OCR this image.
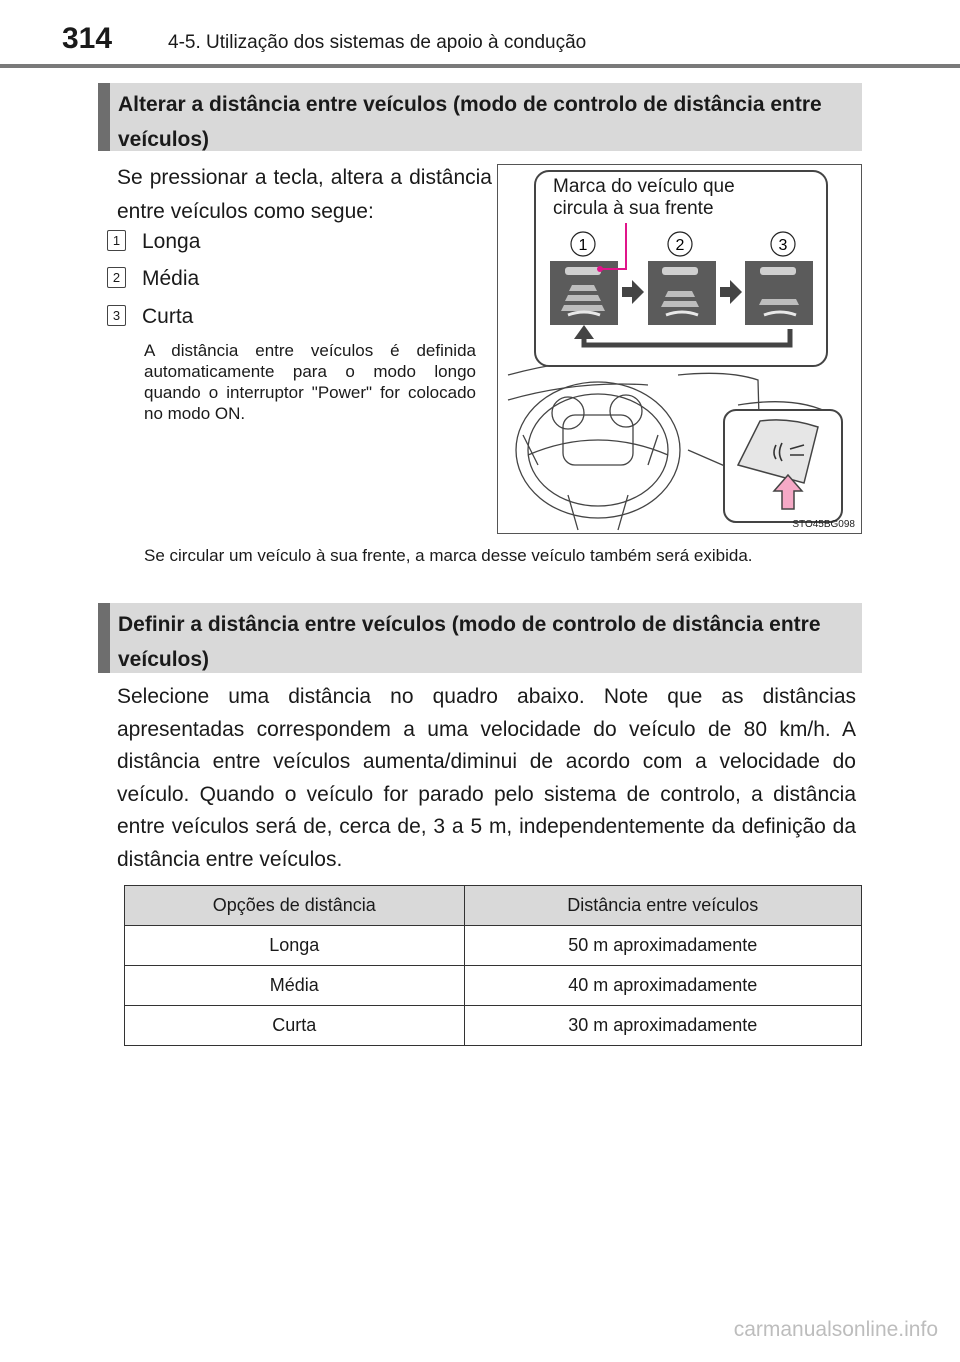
314	4-5. Utilização dos sistemas de apoio à condução
Alterar a distância entre veículos (modo de controlo de distância entre veículos)
Se pressionar a tecla, altera a distância entre veículos como segue:
1 Longa
2 Média
3 Curta
A distância entre veículos é definida automaticamente para o modo longo quando o interruptor "Power" for colocado no modo ON.
1	2	3
Marca do veículo que circula à sua frente
STO45BG098
Se circular um veículo à sua frente, a marca desse veículo também será exibida.
Definir a distância entre veículos (modo de controlo de distância entre veículos)
Selecione uma distância no quadro abaixo. Note que as distâncias apresentadas correspondem a uma velocidade do veículo de 80 km/h. A distância entre veículos aumenta/diminui de acordo com a velocidade do veículo. Quando o veículo for parado pelo sistema de controlo, a distância entre veículos será de, cerca de, 3 a 5 m, independentemente da definição da distância entre veículos.
Opções de distância	Distância entre veículos
Longa	50 m aproximadamente
Média	40 m aproximadamente
Curta	30 m aproximadamente
carmanualsonline.info
